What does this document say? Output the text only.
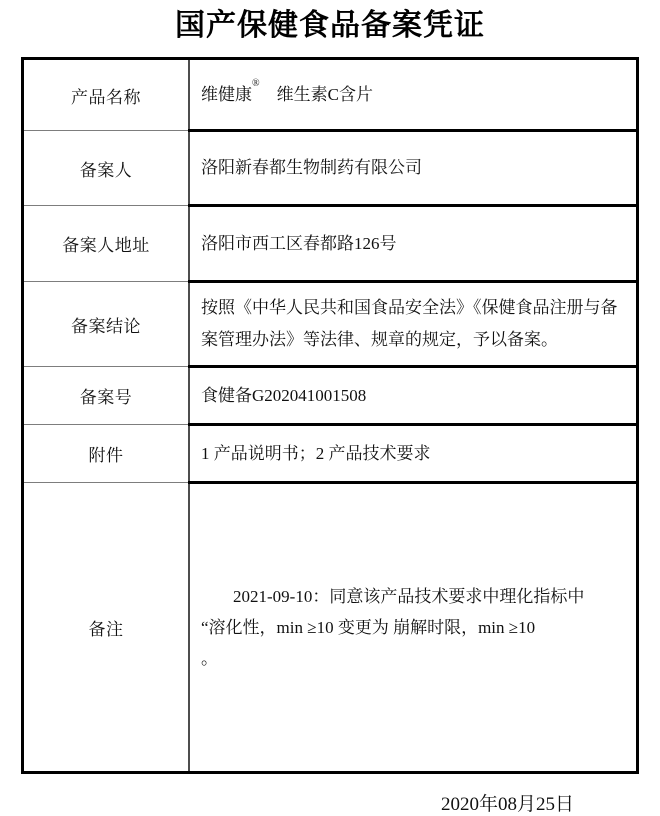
国产保健食品备案凭证
产品名称	维健康®　维生素C含片
备案人	洛阳新春都生物制药有限公司
备案人地址	洛阳市西工区春都路126号
备案结论	按照《中华人民共和国食品安全法》《保健食品注册与备案管理办法》等法律、规章的规定，予以备案。
备案号	食健备G202041001508
附件	1 产品说明书；2 产品技术要求
备注	2021-09-10：同意该产品技术要求中理化指标中
“溶化性，min ≥10 变更为 崩解时限，min ≥10
。
2020年08月25日
